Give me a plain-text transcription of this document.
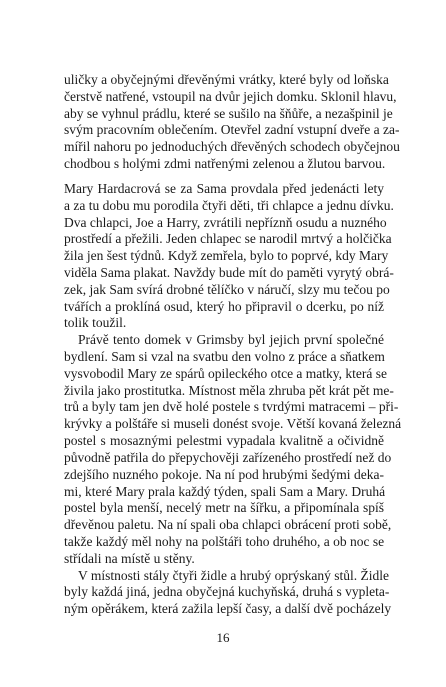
uličky a obyčejnými dřevěnými vrátky, které byly od loňska
čerstvě natřené, vstoupil na dvůr jejich domku. Sklonil hlavu,
aby se vyhnul prádlu, které se sušilo na šňůře, a nezašpinil je
svým pracovním oblečením. Otevřel zadní vstupní dveře a za-
mířil nahoru po jednoduchých dřevěných schodech obyčejnou
chodbou s holými zdmi natřenými zelenou a žlutou barvou.
Mary Hardacrová se za Sama provdala před jedenácti lety
a za tu dobu mu porodila čtyři děti, tři chlapce a jednu dívku.
Dva chlapci, Joe a Harry, zvrátili nepříznň osudu a nuzného
prostředí a přežili. Jeden chlapec se narodil mrtvý a holčička
žila jen šest týdnů. Když zemřela, bylo to poprvé, kdy Mary
viděla Sama plakat. Navždy bude mít do paměti vyrytý obrá-
zek, jak Sam svírá drobné tělíčko v náručí, slzy mu tečou po
tvářích a proklíná osud, který ho připravil o dcerku, po níž
tolik toužil.
Právě tento domek v Grimsby byl jejich první společné
bydlení. Sam si vzal na svatbu den volno z práce a sňatkem
vysvobodil Mary ze spárů opileckého otce a matky, která se
živila jako prostitutka. Místnost měla zhruba pět krát pět me-
trů a byly tam jen dvě holé postele s tvrdými matracemi – při-
krývky a polštáře si museli donést svoje. Větší kovaná železná
postel s mosaznými pelestmi vypadala kvalitně a očividně
původně patřila do přepychověji zařízeného prostředí než do
zdejšího nuzného pokoje. Na ní pod hrubými šedými deka-
mi, které Mary prala každý týden, spali Sam a Mary. Druhá
postel byla menší, necelý metr na šířku, a připomínala spíš
dřevěnou paletu. Na ní spali oba chlapci obrácení proti sobě,
takže každý měl nohy na polštáři toho druhého, a ob noc se
střídali na místě u stěny.
V místnosti stály čtyři židle a hrubý oprýskaný stůl. Židle
byly každá jiná, jedna obyčejná kuchyňská, druhá s vypleta-
ným opěrákem, která zažila lepší časy, a další dvě pocházely
16
